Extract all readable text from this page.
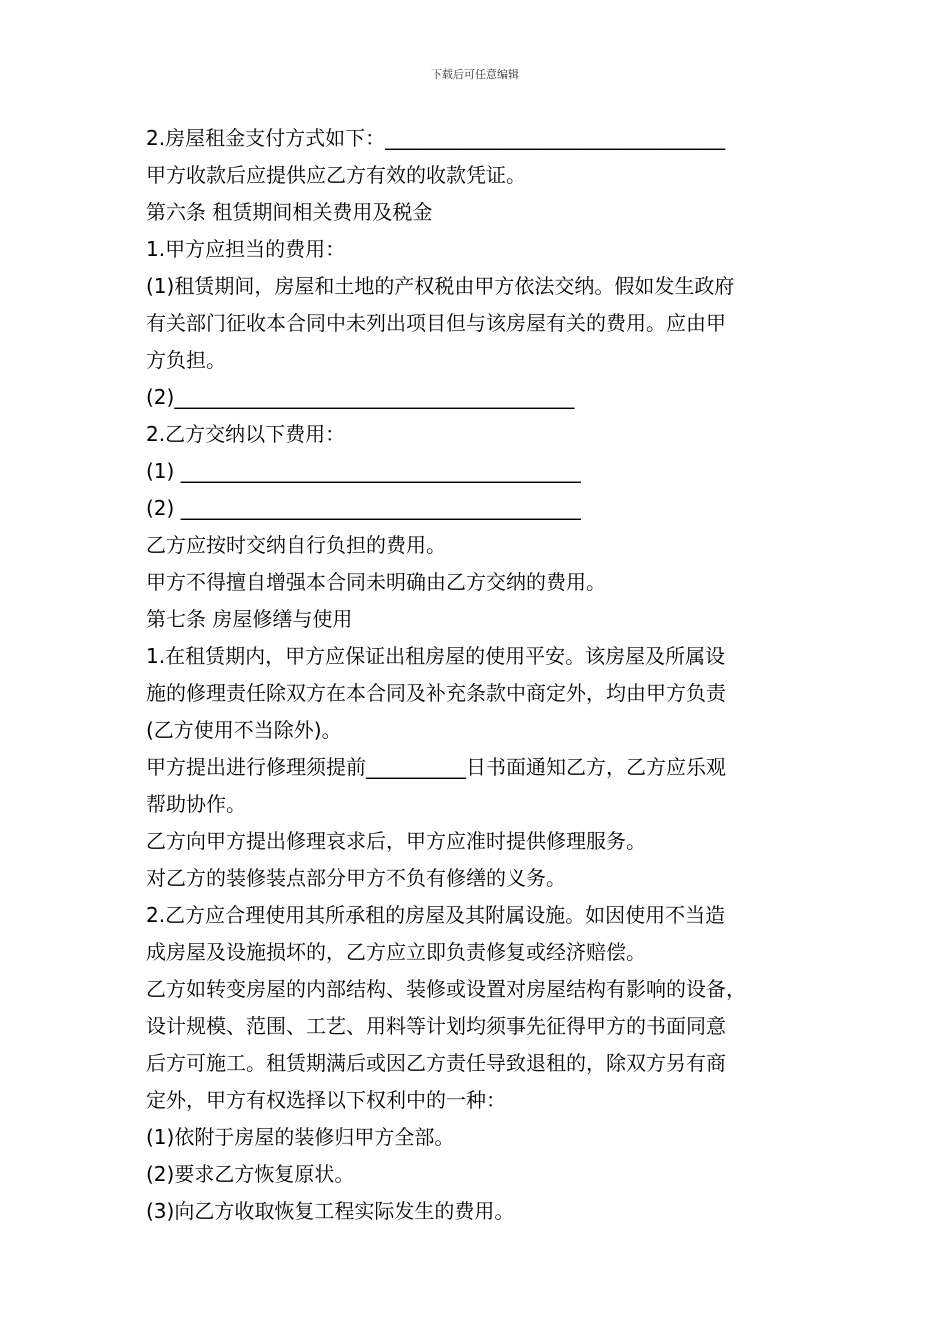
下载后可任意编辑

2.房屋租金支付方式如下：__________________________________

甲方收款后应提供应乙方有效的收款凭证。

第六条 租赁期间相关费用及税金

1.甲方应担当的费用：

(1)租赁期间，房屋和土地的产权税由甲方依法交纳。假如发生政府

有关部门征收本合同中未列出项目但与该房屋有关的费用。应由甲

方负担。

(2)________________________________________

2.乙方交纳以下费用：

(1) ________________________________________

(2) ________________________________________

乙方应按时交纳自行负担的费用。

甲方不得擅自增强本合同未明确由乙方交纳的费用。

第七条 房屋修缮与使用

1.在租赁期内，甲方应保证出租房屋的使用平安。该房屋及所属设

施的修理责任除双方在本合同及补充条款中商定外，均由甲方负责

(乙方使用不当除外)。

甲方提出进行修理须提前__________日书面通知乙方，乙方应乐观

帮助协作。

乙方向甲方提出修理哀求后，甲方应准时提供修理服务。

对乙方的装修装点部分甲方不负有修缮的义务。

2.乙方应合理使用其所承租的房屋及其附属设施。如因使用不当造

成房屋及设施损坏的，乙方应立即负责修复或经济赔偿。

乙方如转变房屋的内部结构、装修或设置对房屋结构有影响的设备，

设计规模、范围、工艺、用料等计划均须事先征得甲方的书面同意

后方可施工。租赁期满后或因乙方责任导致退租的，除双方另有商

定外，甲方有权选择以下权利中的一种：

(1)依附于房屋的装修归甲方全部。

(2)要求乙方恢复原状。

(3)向乙方收取恢复工程实际发生的费用。
